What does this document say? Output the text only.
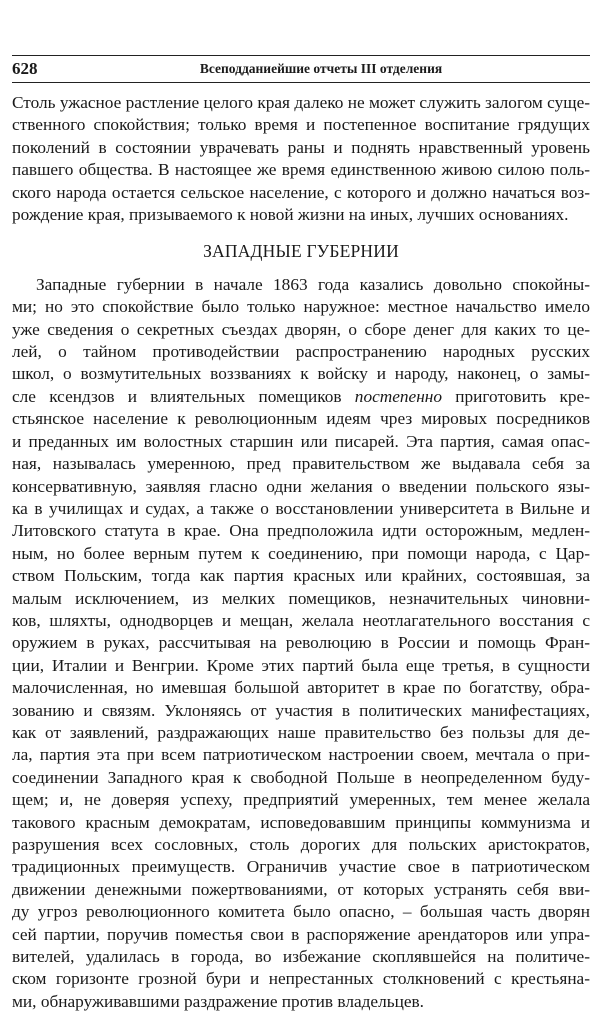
628	Всеподданиейшие отчеты III отделения
Столь ужасное растление целого края далеко не может служить залогом суще-
ственного спокойствия; только время и постепенное воспитание грядущих
поколений в состоянии уврачевать раны и поднять нравственный уровень
павшего общества. В настоящее же время единственною живою силою поль-
ского народа остается сельское население, с которого и должно начаться воз-
рождение края, призываемого к новой жизни на иных, лучших основаниях.
ЗАПАДНЫЕ ГУБЕРНИИ
Западные губернии в начале 1863 года казались довольно спокойны-
ми; но это спокойствие было только наружное: местное начальство имело
уже сведения о секретных съездах дворян, о сборе денег для каких то це-
лей, о тайном противодействии распространению народных русских
школ, о возмутительных воззваниях к войску и народу, наконец, о замы-
сле ксендзов и влиятельных помещиков постепенно приготовить кре-
стьянское население к революционным идеям чрез мировых посредников
и преданных им волостных старшин или писарей. Эта партия, самая опас-
ная, называлась умеренною, пред правительством же выдавала себя за
консервативную, заявляя гласно одни желания о введении польского язы-
ка в училищах и судах, а также о восстановлении университета в Вильне и
Литовского статута в крае. Она предположила идти осторожным, медлен-
ным, но более верным путем к соединению, при помощи народа, с Цар-
ством Польским, тогда как партия красных или крайних, состоявшая, за
малым исключением, из мелких помещиков, незначительных чиновни-
ков, шляхты, однодворцев и мещан, желала неотлагательного восстания с
оружием в руках, рассчитывая на революцию в России и помощь Фран-
ции, Италии и Венгрии. Кроме этих партий была еще третья, в сущности
малочисленная, но имевшая большой авторитет в крае по богатству, обра-
зованию и связям. Уклоняясь от участия в политических манифестациях,
как от заявлений, раздражающих наше правительство без пользы для де-
ла, партия эта при всем патриотическом настроении своем, мечтала о при-
соединении Западного края к свободной Польше в неопределенном буду-
щем; и, не доверяя успеху, предприятий умеренных, тем менее желала
такового красным демократам, исповедовавшим принципы коммунизма и
разрушения всех сословных, столь дорогих для польских аристократов,
традиционных преимуществ. Ограничив участие свое в патриотическом
движении денежными пожертвованиями, от которых устранять себя вви-
ду угроз революционного комитета было опасно, – большая часть дворян
сей партии, поручив поместья свои в распоряжение арендаторов или упра-
вителей, удалилась в города, во избежание скоплявшейся на политиче-
ском горизонте грозной бури и непрестанных столкновений с крестьяна-
ми, обнаруживавшими раздражение против владельцев.
